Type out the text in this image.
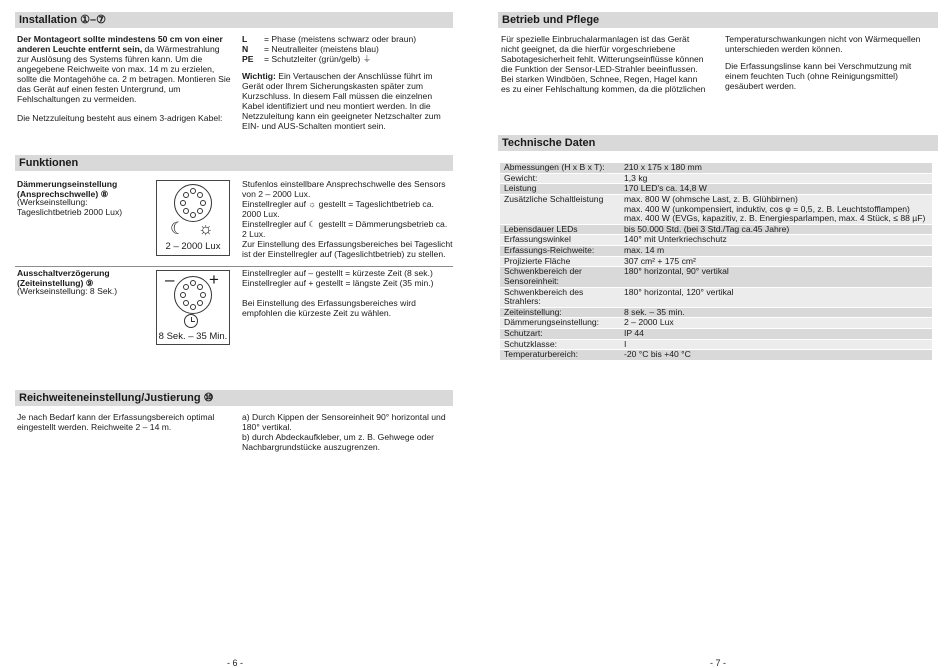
Installation ①–⑦
Der Montageort sollte mindestens 50 cm von einer anderen Leuchte entfernt sein, da Wärmestrahlung zur Auslösung des Systems führen kann. Um die angegebene Reichweite von max. 14 m zu erzielen, sollte die Montagehöhe ca. 2 m betragen. Montieren Sie das Gerät auf einen festen Untergrund, um Fehlschaltungen zu vermeiden.
Die Netzzuleitung besteht aus einem 3-adrigen Kabel:
L = Phase (meistens schwarz oder braun)
N = Neutralleiter (meistens blau)
PE = Schutzleiter (grün/gelb) ⏚
Wichtig: Ein Vertauschen der Anschlüsse führt im Gerät oder Ihrem Sicherungskasten später zum Kurzschluss. In diesem Fall müssen die einzelnen Kabel identifiziert und neu montiert werden. In die Netzzuleitung kann ein geeigneter Netzschalter zum EIN- und AUS-Schalten montiert sein.
Funktionen
Dämmerungseinstellung
(Ansprechschwelle) ⑧
(Werkseinstellung:
Tageslichtbetrieb 2000 Lux)
☾ ☼
2 – 2000 Lux
Stufenlos einstellbare Ansprechschwelle des Sensors von 2 – 2000 Lux.
Einstellregler auf ☼ gestellt = Tageslichtbetrieb ca. 2000 Lux.
Einstellregler auf ☾ gestellt = Dämmerungsbetrieb ca. 2 Lux.
Zur Einstellung des Erfassungsbereiches bei Tageslicht ist der Einstellregler auf (Tageslichtbetrieb) zu stellen.
Ausschaltverzögerung
(Zeiteinstellung) ⑨
(Werkseinstellung: 8 Sek.)
– +
8 Sek. – 35 Min.
Einstellregler auf – gestellt = kürzeste Zeit (8 sek.)
Einstellregler auf + gestellt = längste Zeit (35 min.)

Bei Einstellung des Erfassungsbereiches wird empfohlen die kürzeste Zeit zu wählen.
Reichweiteneinstellung/Justierung ⑩
Je nach Bedarf kann der Erfassungsbereich optimal eingestellt werden. Reichweite 2 – 14 m.
a) Durch Kippen der Sensoreinheit 90° horizontal und
180° vertikal.
b) durch Abdeckaufkleber, um z. B. Gehwege oder
Nachbargrundstücke auszugrenzen.
- 6 -
Betrieb und Pflege
Für spezielle Einbruchalarmanlagen ist das Gerät nicht geeignet, da die hierfür vorgeschriebene Sabotagesicherheit fehlt. Witterungseinflüsse können die Funktion der Sensor-LED-Strahler beeinflussen. Bei starken Windböen, Schnee, Regen, Hagel kann es zu einer Fehlschaltung kommen, da die plötzlichen
Temperaturschwankungen nicht von Wärmequellen unterschieden werden können.
Die Erfassungslinse kann bei Verschmutzung mit einem feuchten Tuch (ohne Reinigungsmittel) gesäubert werden.
Technische Daten
Abmessungen (H x B x T):	210 x 175 x 180 mm
Gewicht:	1,3 kg
Leistung	170 LED's ca. 14,8 W
Zusätzliche Schaltleistung	max. 800 W (ohmsche Last, z. B. Glühbirnen)
max. 400 W (unkompensiert, induktiv, cos φ = 0,5, z. B. Leuchtstofflampen)
max. 400 W (EVGs, kapazitiv, z. B. Energiesparlampen, max. 4 Stück, ≤ 88 µF)
Lebensdauer LEDs	bis 50.000 Std. (bei 3 Std./Tag ca.45 Jahre)
Erfassungswinkel	140° mit Unterkriechschutz
Erfassungs-Reichweite:	max. 14 m
Projizierte Fläche	307 cm² + 175 cm²
Schwenkbereich der
Sensoreinheit:	180° horizontal, 90° vertikal
Schwenkbereich des
Strahlers:	180° horizontal, 120° vertikal
Zeiteinstellung:	8 sek. – 35 min.
Dämmerungseinstellung:	2 – 2000 Lux
Schutzart:	IP 44
Schutzklasse:	I
Temperaturbereich:	-20 °C bis +40 °C
- 7 -
